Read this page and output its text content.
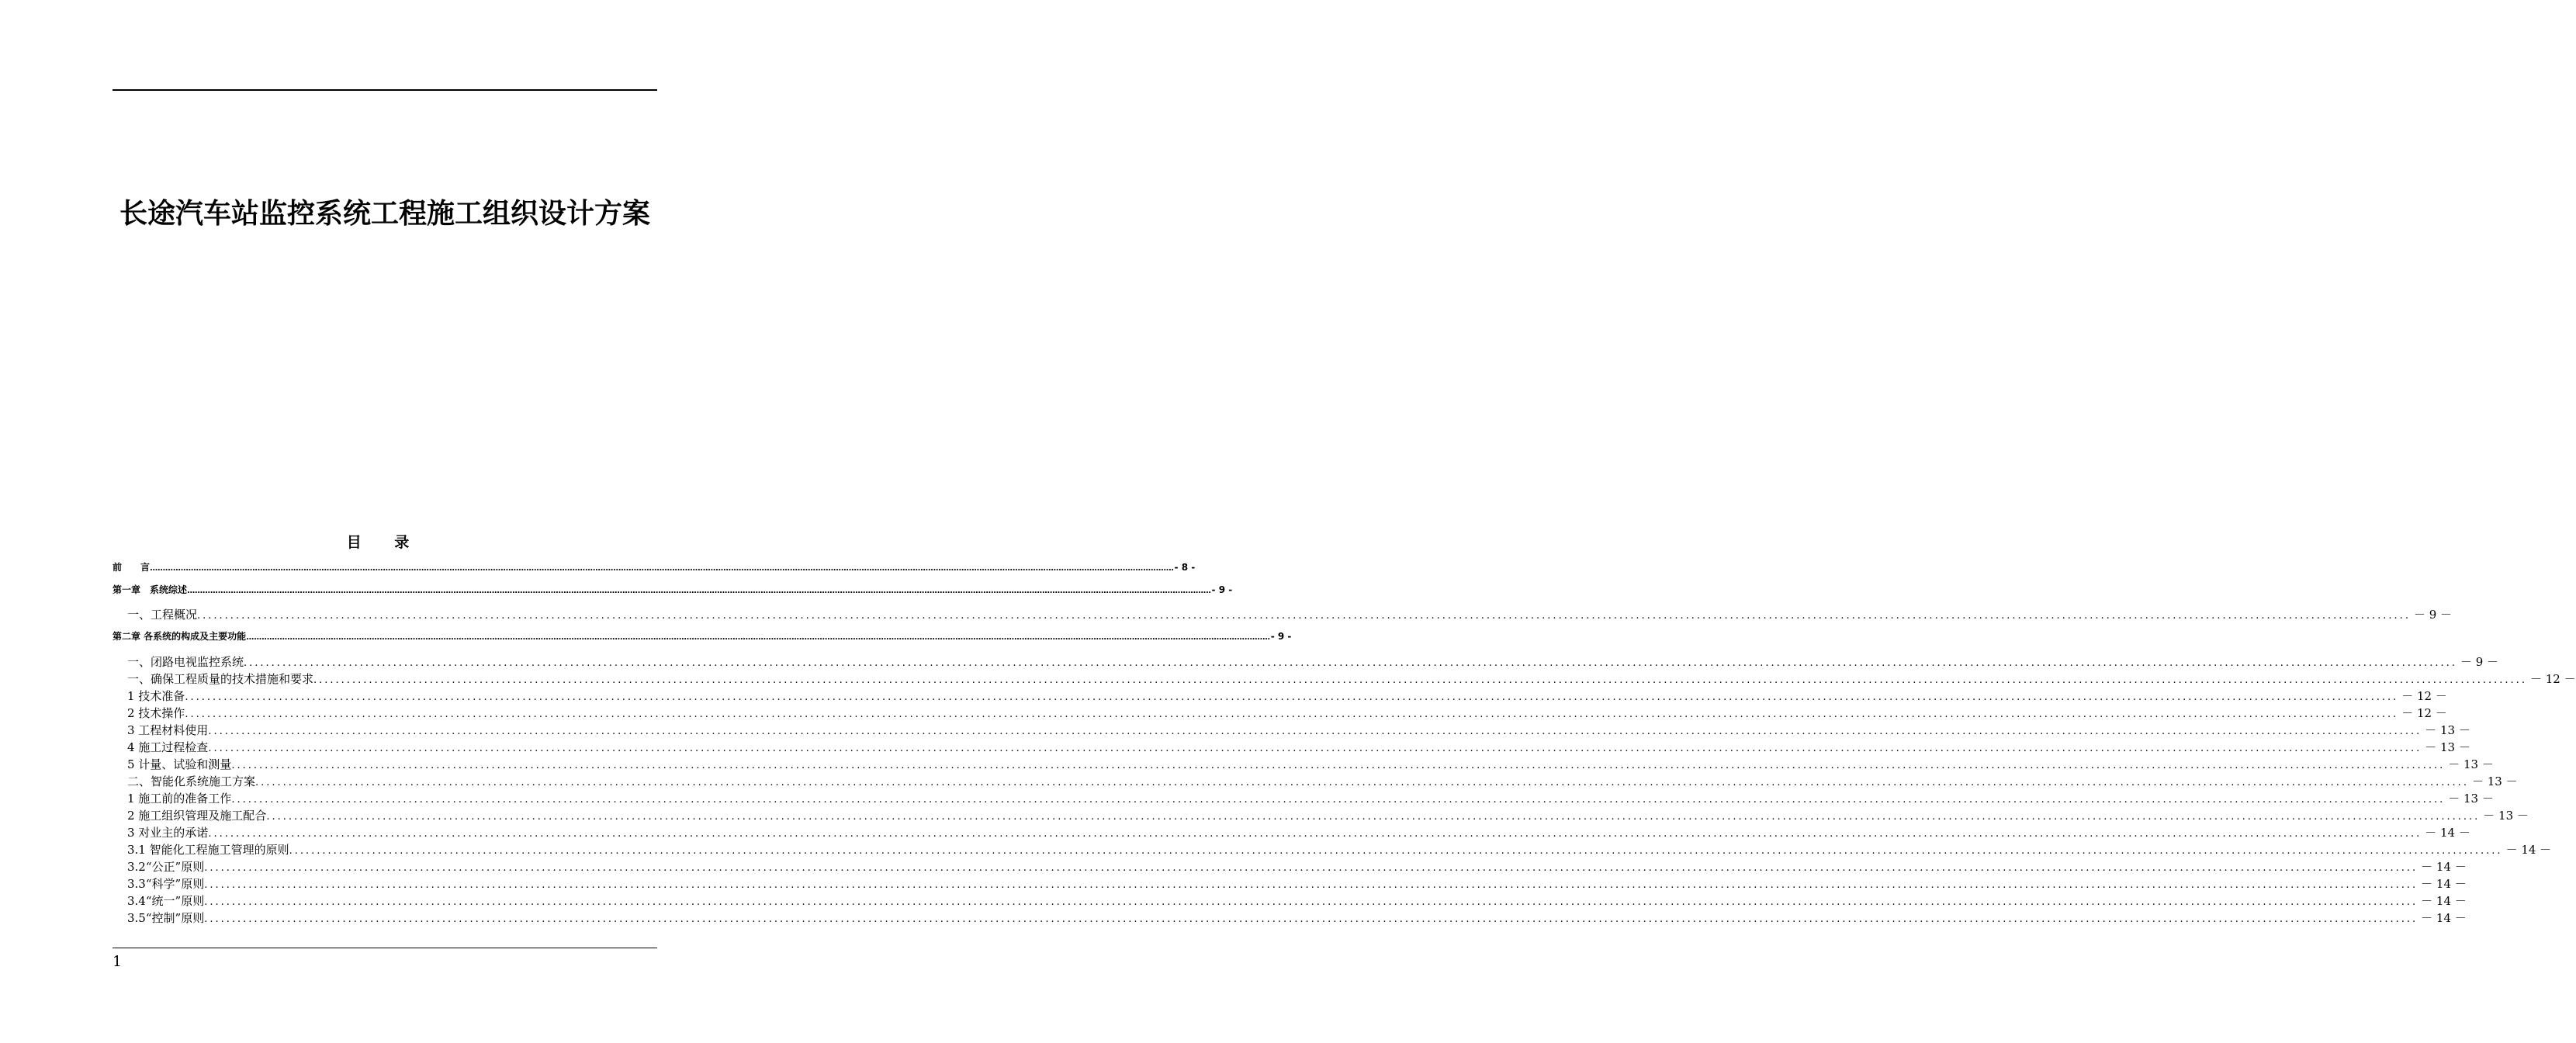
长途汽车站监控系统工程施工组织设计方案
目 录
前　　言 ................................................................................................................................................................................................................................................................................................................................................................................................................ - 8 -
第一章　系统综述 ................................................................................................................................................................................................................................................................................................................................................................................................................ - 9 -
一、工程概况 ................................................................................................................................................................................................................................................................................................................................................................................................................ － 9 －
第二章 各系统的构成及主要功能 ................................................................................................................................................................................................................................................................................................................................................................................................................ - 9 -
一、闭路电视监控系统 ................................................................................................................................................................................................................................................................................................................................................................................................................ － 9 －
一、确保工程质量的技术措施和要求 ................................................................................................................................................................................................................................................................................................................................................................................................................ － 12 －
1 技术准备 ................................................................................................................................................................................................................................................................................................................................................................................................................ － 12 －
2 技术操作 ................................................................................................................................................................................................................................................................................................................................................................................................................ － 12 －
3 工程材料使用 ................................................................................................................................................................................................................................................................................................................................................................................................................ － 13 －
4 施工过程检查 ................................................................................................................................................................................................................................................................................................................................................................................................................ － 13 －
5 计量、试验和测量 ................................................................................................................................................................................................................................................................................................................................................................................................................ － 13 －
二、智能化系统施工方案 ................................................................................................................................................................................................................................................................................................................................................................................................................ － 13 －
1 施工前的准备工作 ................................................................................................................................................................................................................................................................................................................................................................................................................ － 13 －
2 施工组织管理及施工配合 ................................................................................................................................................................................................................................................................................................................................................................................................................ － 13 －
3 对业主的承诺 ................................................................................................................................................................................................................................................................................................................................................................................................................ － 14 －
3.1 智能化工程施工管理的原则 ................................................................................................................................................................................................................................................................................................................................................................................................................ － 14 －
3.2“公正”原则 ................................................................................................................................................................................................................................................................................................................................................................................................................ － 14 －
3.3“科学”原则 ................................................................................................................................................................................................................................................................................................................................................................................................................ － 14 －
3.4“统一”原则 ................................................................................................................................................................................................................................................................................................................................................................................................................ － 14 －
3.5“控制”原则 ................................................................................................................................................................................................................................................................................................................................................................................................................ － 14 －
1
